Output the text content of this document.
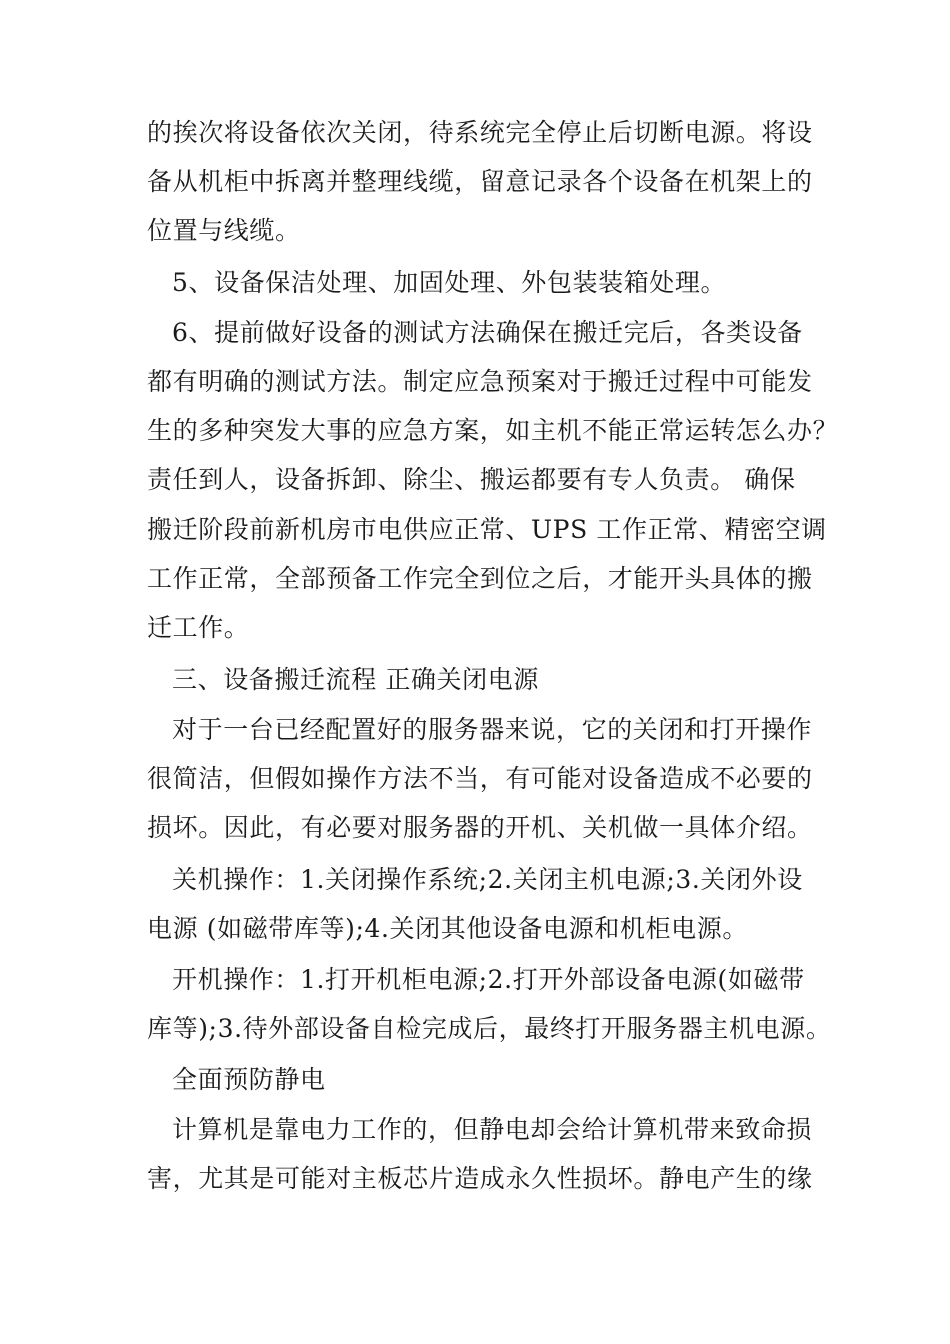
的挨次将设备依次关闭，待系统完全停止后切断电源。将设
备从机柜中拆离并整理线缆，留意记录各个设备在机架上的
位置与线缆。
5、设备保洁处理、加固处理、外包装装箱处理。
6、提前做好设备的测试方法确保在搬迁完后，各类设备
都有明确的测试方法。制定应急预案对于搬迁过程中可能发
生的多种突发大事的应急方案，如主机不能正常运转怎么办？
责任到人，设备拆卸、除尘、搬运都要有专人负责。 确保
搬迁阶段前新机房市电供应正常、UPS 工作正常、精密空调
工作正常，全部预备工作完全到位之后，才能开头具体的搬
迁工作。
三、设备搬迁流程 正确关闭电源
对于一台已经配置好的服务器来说，它的关闭和打开操作
很简洁，但假如操作方法不当，有可能对设备造成不必要的
损坏。因此，有必要对服务器的开机、关机做一具体介绍。
关机操作：1.关闭操作系统;2.关闭主机电源;3.关闭外设
电源 (如磁带库等);4.关闭其他设备电源和机柜电源。
开机操作：1.打开机柜电源;2.打开外部设备电源(如磁带
库等);3.待外部设备自检完成后，最终打开服务器主机电源。
全面预防静电
计算机是靠电力工作的，但静电却会给计算机带来致命损
害，尤其是可能对主板芯片造成永久性损坏。静电产生的缘
